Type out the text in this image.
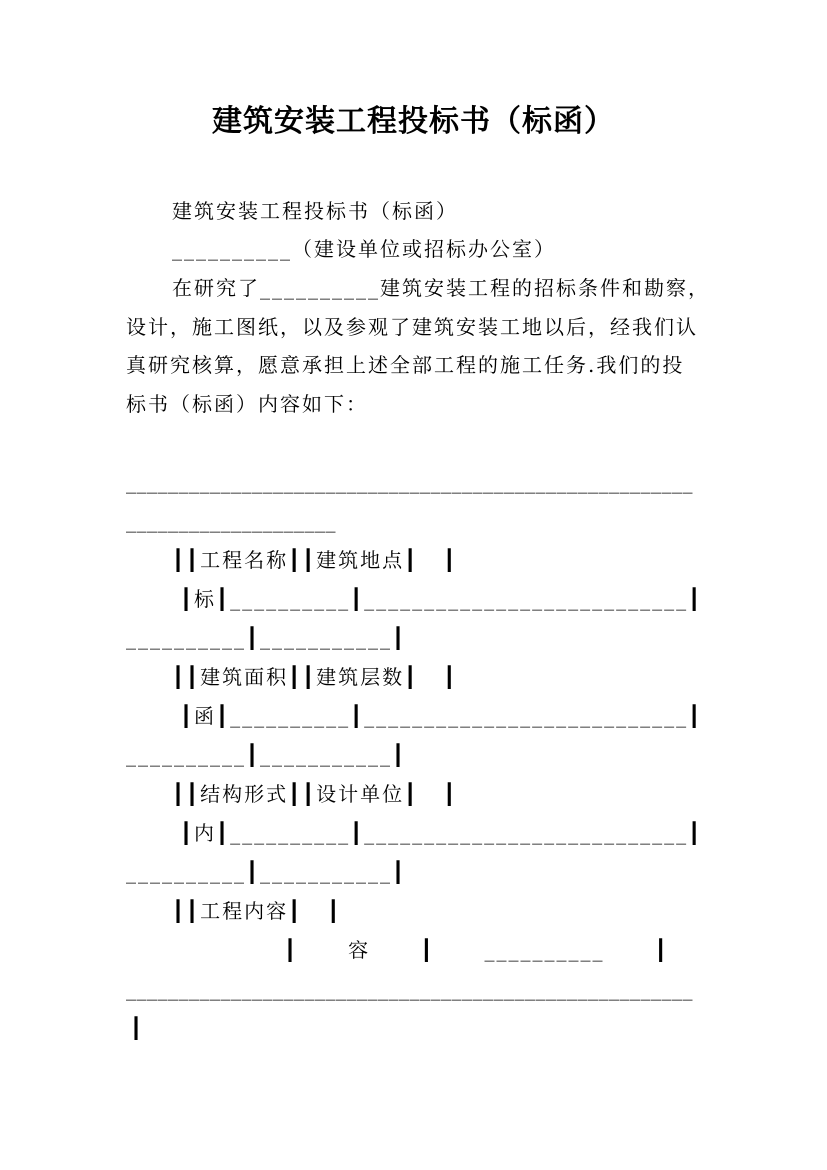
建筑安装工程投标书（标函）
建筑安装工程投标书（标函）
__________（建设单位或招标办公室）
在研究了__________建筑安装工程的招标条件和勘察，
设计，施工图纸，以及参观了建筑安装工地以后，经我们认
真研究核算，愿意承担上述全部工程的施工任务.我们的投
标书（标函）内容如下：
______________________________________________________
____________________
┃┃工程名称┃┃建筑地点┃   ┃
┃标┃__________┃___________________________┃
__________┃___________┃
┃┃建筑面积┃┃建筑层数┃   ┃
┃函┃__________┃___________________________┃
__________┃___________┃
┃┃结构形式┃┃设计单位┃   ┃
┃内┃__________┃___________________________┃
__________┃___________┃
┃┃工程内容┃   ┃
┃      容      ┃      __________      ┃
______________________________________________________
┃
